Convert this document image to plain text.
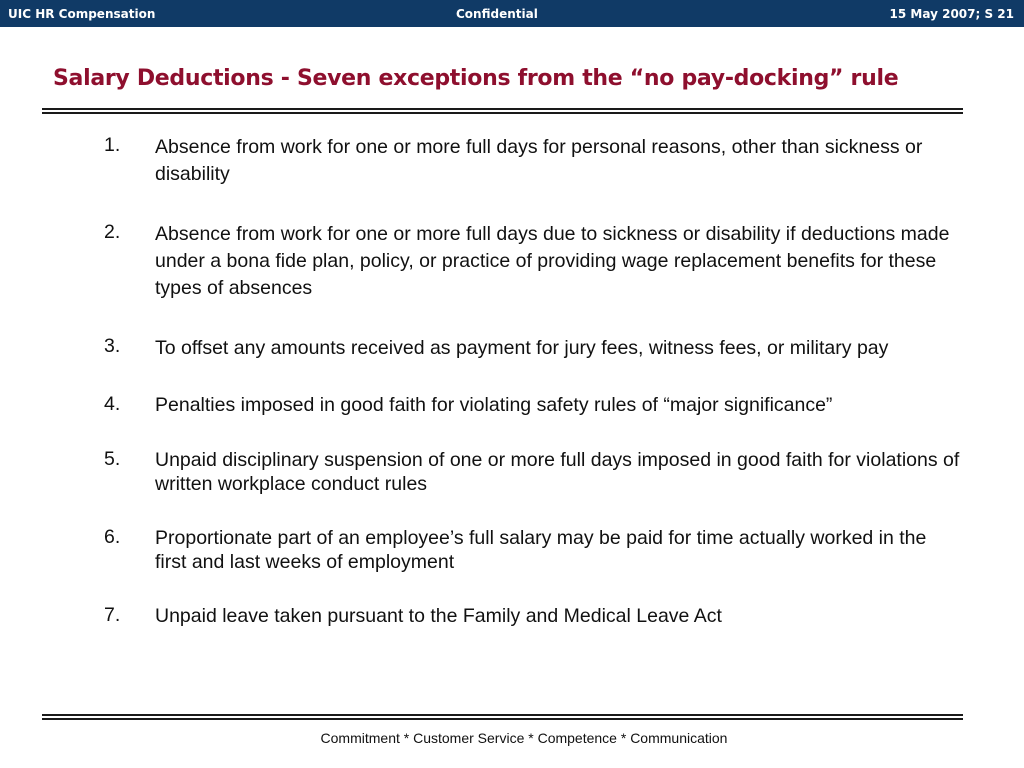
UIC HR Compensation	Confidential	15 May 2007; S 21
Salary Deductions - Seven exceptions from the “no pay-docking” rule
1. Absence from work for one or more full days for personal reasons, other than sickness or disability
2. Absence from work for one or more full days due to sickness or disability if deductions made under a bona fide plan, policy, or practice of providing wage replacement benefits for these types of absences
3. To offset any amounts received as payment for jury fees, witness fees, or military pay
4. Penalties imposed in good faith for violating safety rules of “major significance”
5. Unpaid disciplinary suspension of one or more full days imposed in good faith for violations of written workplace conduct rules
6. Proportionate part of an employee’s full salary may be paid for time actually worked in the first and last weeks of employment
7. Unpaid leave taken pursuant to the Family and Medical Leave Act
Commitment * Customer Service * Competence * Communication
